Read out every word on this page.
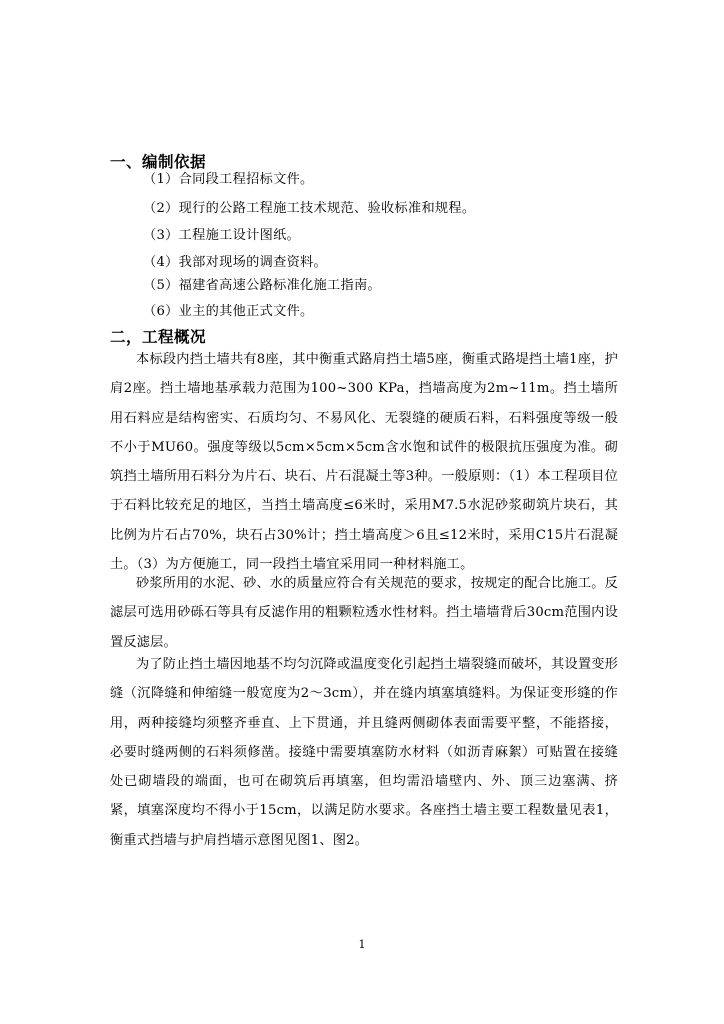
一、编制依据
（1）合同段工程招标文件。
（2）现行的公路工程施工技术规范、验收标准和规程。
（3）工程施工设计图纸。
（4）我部对现场的调查资料。
（5）福建省高速公路标准化施工指南。
（6）业主的其他正式文件。
二，工程概况
本标段内挡土墙共有8座，其中衡重式路肩挡土墙5座，衡重式路堤挡土墙1座，护肩2座。挡土墙地基承载力范围为100~300 KPa，挡墙高度为2m~11m。挡土墙所用石料应是结构密实、石质均匀、不易风化、无裂缝的硬质石料，石料强度等级一般不小于MU60。强度等级以5cm×5cm×5cm含水饱和试件的极限抗压强度为准。砌筑挡土墙所用石料分为片石、块石、片石混凝土等3种。一般原则：（1）本工程项目位于石料比较充足的地区，当挡土墙高度≤6米时，采用M7.5水泥砂浆砌筑片块石，其比例为片石占70%，块石占30%计；挡土墙高度＞6且≤12米时，采用C15片石混凝土。（3）为方便施工，同一段挡土墙宜采用同一种材料施工。
砂浆所用的水泥、砂、水的质量应符合有关规范的要求，按规定的配合比施工。反滤层可选用砂砾石等具有反滤作用的粗颗粒透水性材料。挡土墙墙背后30cm范围内设置反滤层。
为了防止挡土墙因地基不均匀沉降或温度变化引起挡土墙裂缝而破坏，其设置变形缝（沉降缝和伸缩缝一般宽度为2～3cm），并在缝内填塞填缝料。为保证变形缝的作用，两种接缝均须整齐垂直、上下贯通，并且缝两侧砌体表面需要平整，不能搭接，必要时缝两侧的石料须修凿。接缝中需要填塞防水材料（如沥青麻絮）可贴置在接缝处已砌墙段的端面，也可在砌筑后再填塞，但均需沿墙壁内、外、顶三边塞满、挤紧，填塞深度均不得小于15cm，以满足防水要求。各座挡土墙主要工程数量见表1，衡重式挡墙与护肩挡墙示意图见图1、图2。
1
